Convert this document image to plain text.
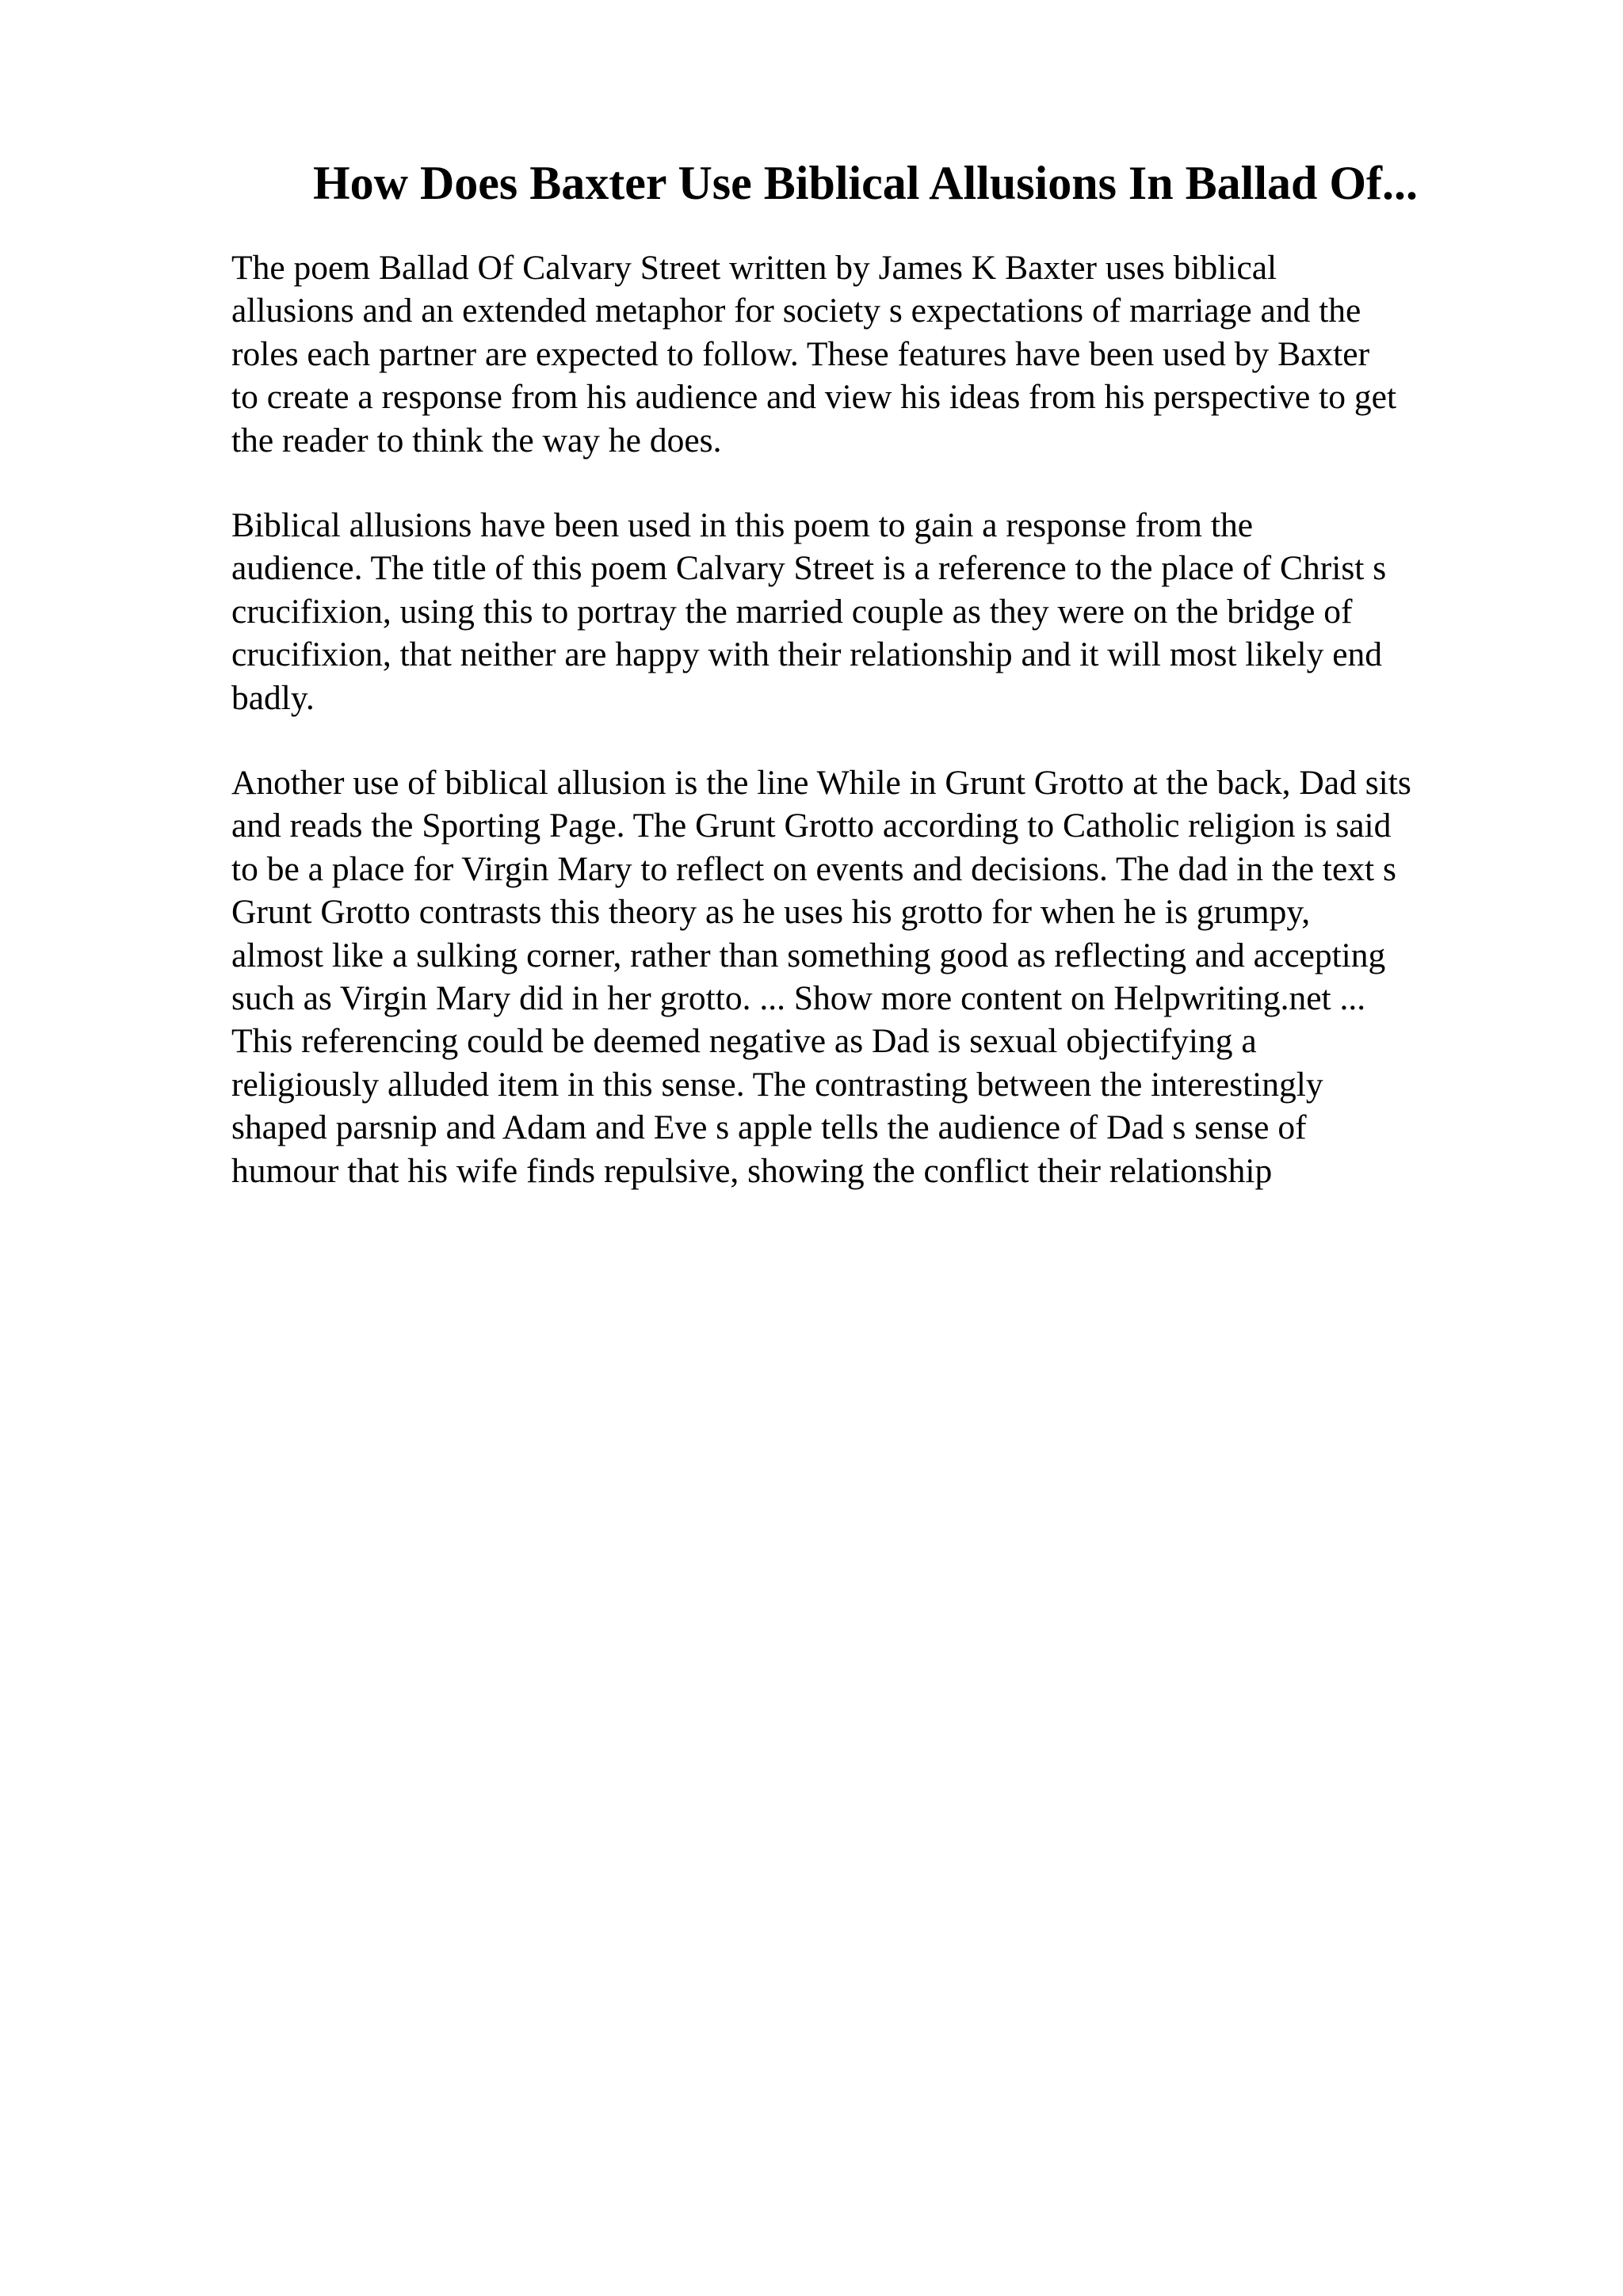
How Does Baxter Use Biblical Allusions In Ballad Of...

The poem Ballad Of Calvary Street written by James K Baxter uses biblical
allusions and an extended metaphor for society s expectations of marriage and the
roles each partner are expected to follow. These features have been used by Baxter
to create a response from his audience and view his ideas from his perspective to get
the reader to think the way he does.

Biblical allusions have been used in this poem to gain a response from the
audience. The title of this poem Calvary Street is a reference to the place of Christ s
crucifixion, using this to portray the married couple as they were on the bridge of
crucifixion, that neither are happy with their relationship and it will most likely end
badly.

Another use of biblical allusion is the line While in Grunt Grotto at the back, Dad sits
and reads the Sporting Page. The Grunt Grotto according to Catholic religion is said
to be a place for Virgin Mary to reflect on events and decisions. The dad in the text s
Grunt Grotto contrasts this theory as he uses his grotto for when he is grumpy,
almost like a sulking corner, rather than something good as reflecting and accepting
such as Virgin Mary did in her grotto. ... Show more content on Helpwriting.net ...
This referencing could be deemed negative as Dad is sexual objectifying a
religiously alluded item in this sense. The contrasting between the interestingly
shaped parsnip and Adam and Eve s apple tells the audience of Dad s sense of
humour that his wife finds repulsive, showing the conflict their relationship
